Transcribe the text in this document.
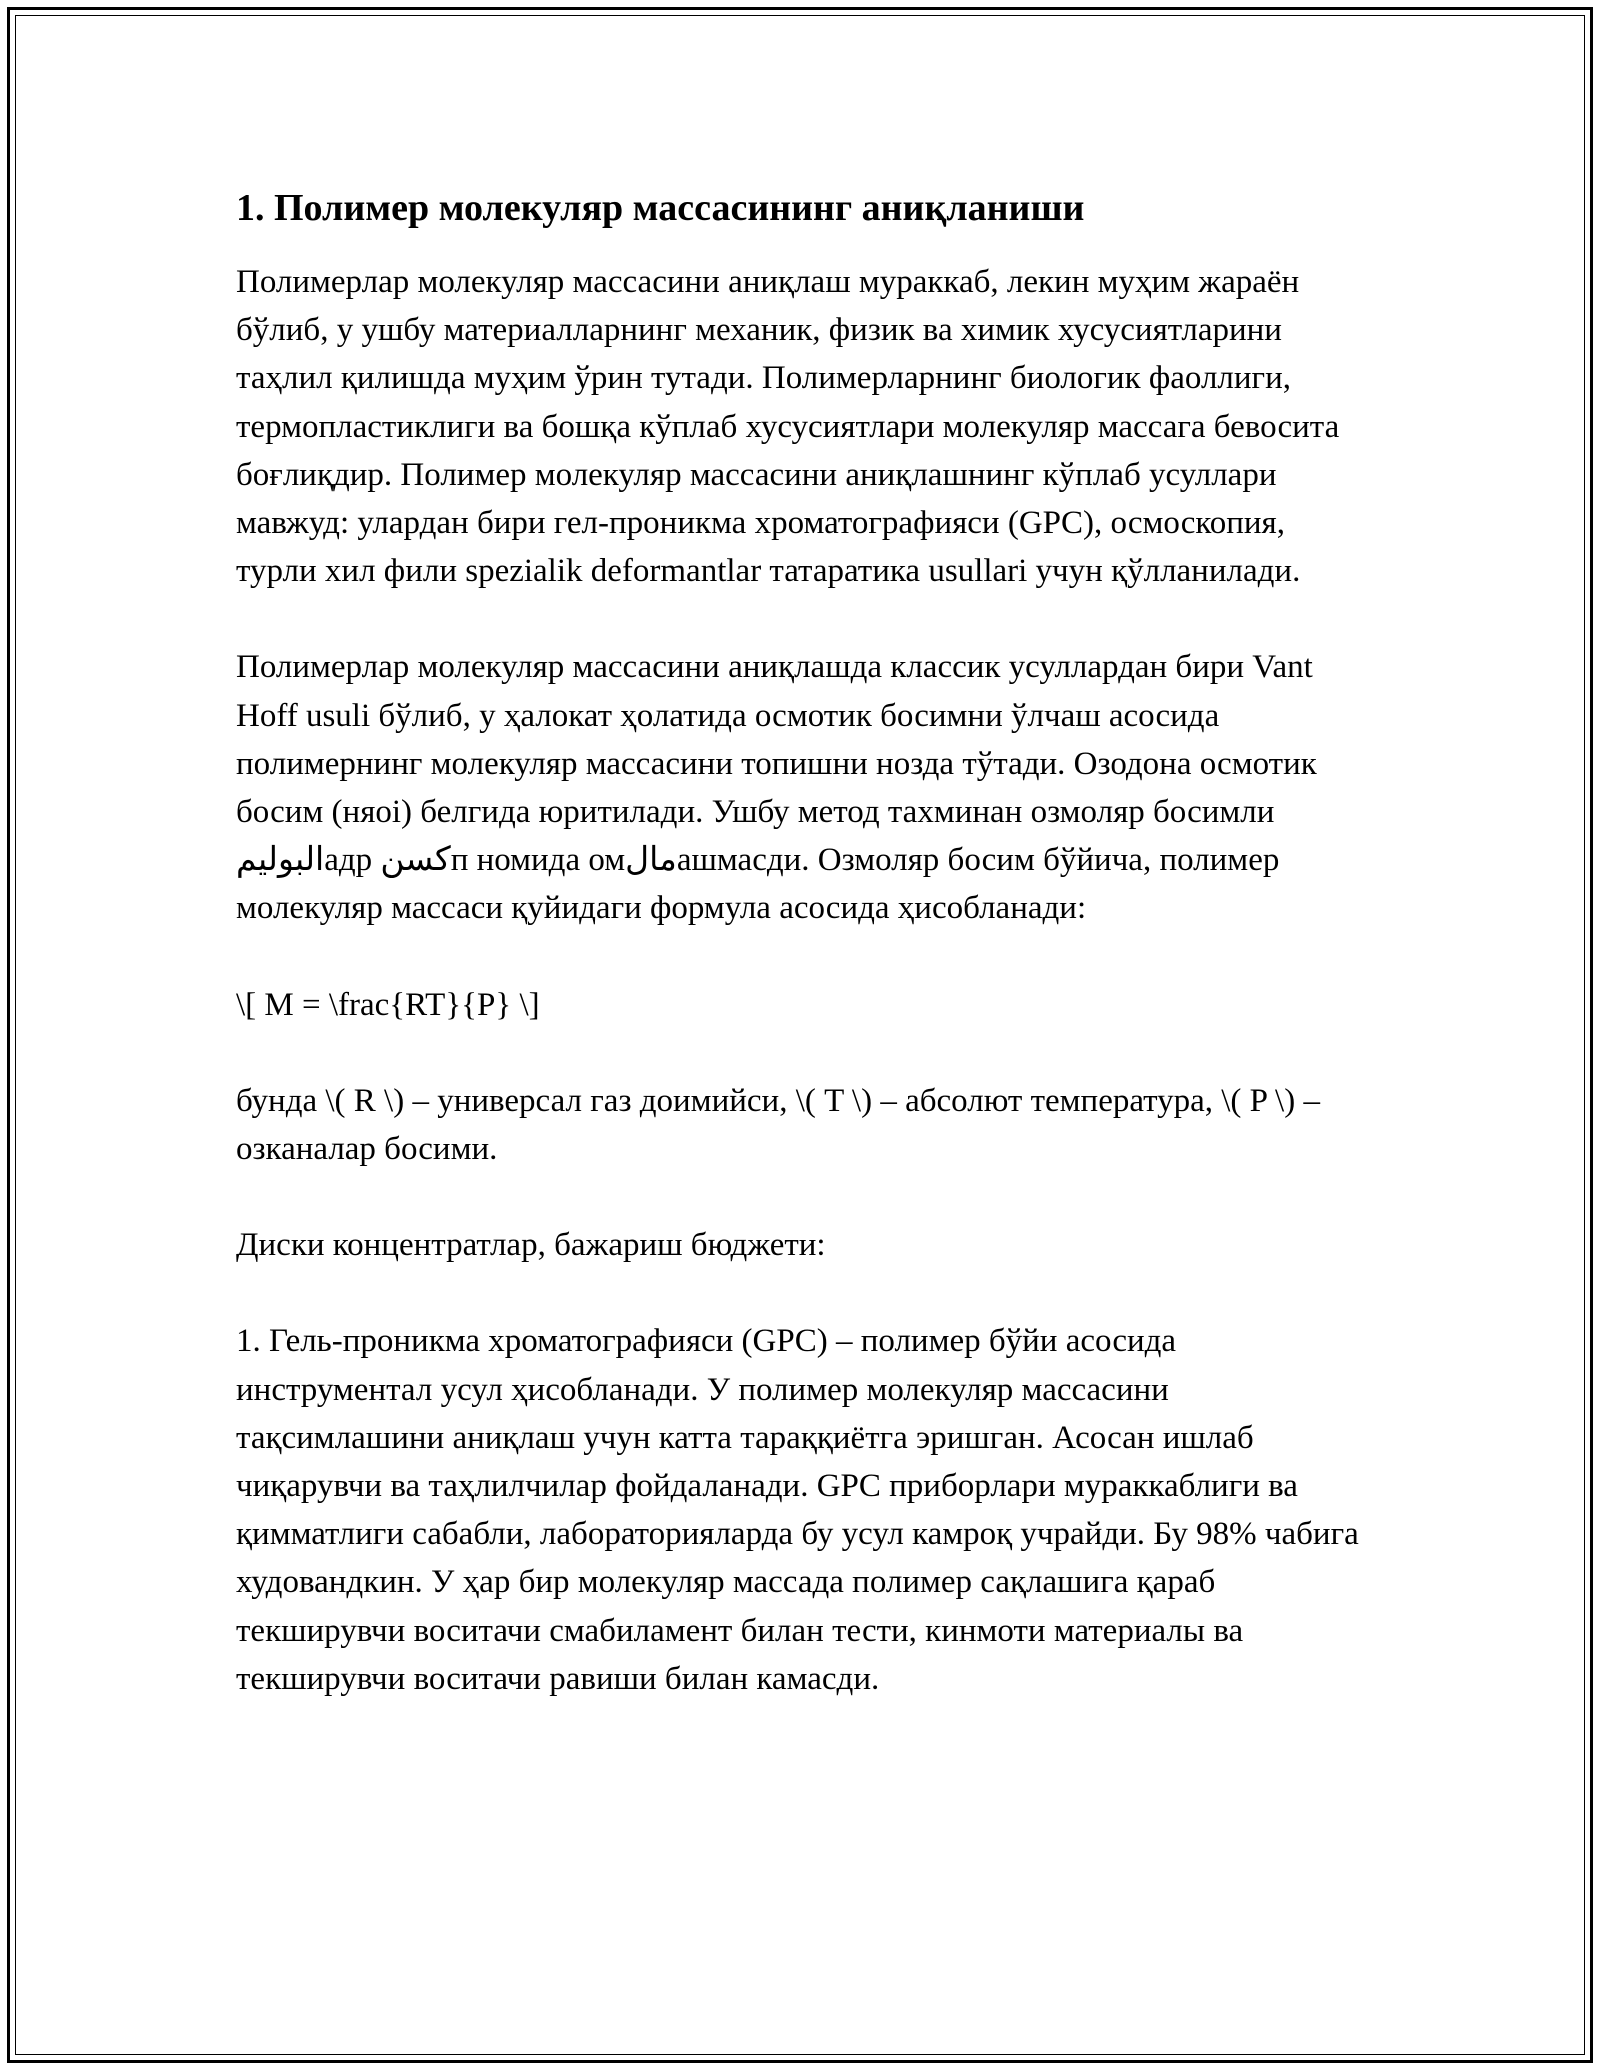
1. Полимер молекуляр массасининг аниқланиши

Полимерлар молекуляр массасини аниқлаш мураккаб, лекин муҳим жараён бўлиб, у ушбу материалларнинг механик, физик ва химик хусусиятларини таҳлил қилишда муҳим ўрин тутади. Полимерларнинг биологик фаоллиги, термопластиклиги ва бошқа кўплаб хусусиятлари молекуляр массага бевосита боғлиқдир. Полимер молекуляр массасини аниқлашнинг кўплаб усуллари мавжуд: улардан бири гел-проникма хроматографияси (GPC), осмоскопия, турли хил фили spezialik deformantlar татаратика usullari учун қўлланилади.

Полимерлар молекуляр массасини аниқлашда классик усуллардан бири Vant Hoff usuli бўлиб, у ҳалокат ҳолатида осмотик босимни ўлчаш асосида полимернинг молекуляр массасини топишни нозда тўтади. Озодона осмотик босим (няоі) белгида юритилади. Ушбу метод тахминан озмоляр босимли البوليمадр كسنп номида омمالашмасди. Озмоляр босим бўйича, полимер молекуляр массаси қуйидаги формула асосида ҳисобланади:

\[ M = \frac{RT}{P} \]

бунда \( R \) – универсал газ доимийси, \( T \) – абсолют температура, \( P \) – озканалар босими.

Диски концентратлар, бажариш бюджети:

1. Гель-проникма хроматографияси (GPC) – полимер бўйи асосида инструментал усул ҳисобланади. У полимер молекуляр массасини тақсимлашини аниқлаш учун катта тараққиётга эришган. Асосан ишлаб чиқарувчи ва таҳлилчилар фойдаланади. GPC приборлари мураккаблиги ва қимматлиги сабабли, лабораторияларда бу усул камроқ учрайди. Бу 98% чабига худовандкин. У ҳар бир молекуляр массада полимер сақлашига қараб текширувчи воситачи смабиламент билан тести, кинмоти материалы ва текширувчи воситачи равиши билан камасди.
